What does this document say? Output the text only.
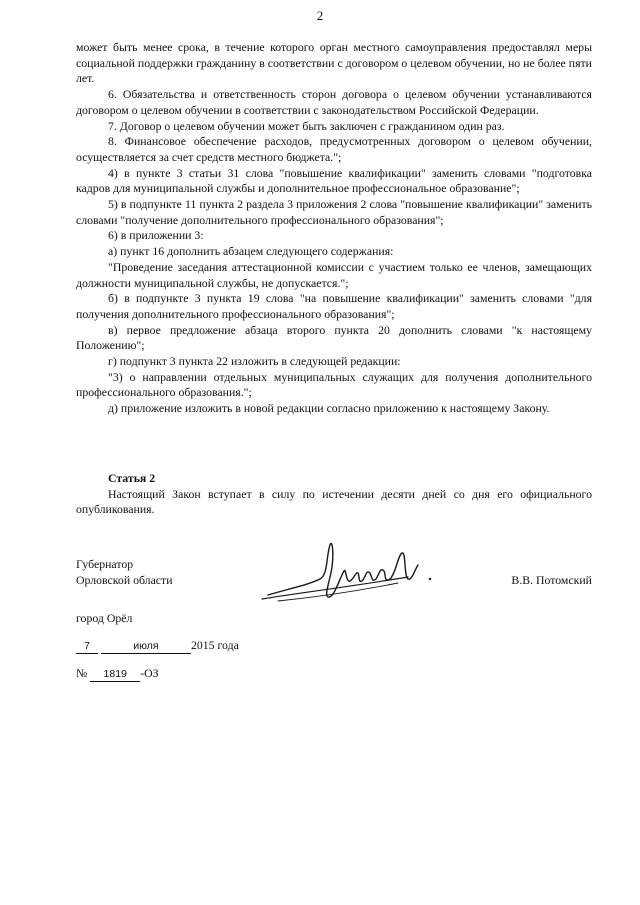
2

может быть менее срока, в течение которого орган местного самоуправления предоставлял меры социальной поддержки гражданину в соответствии с договором о целевом обучении, но не более пяти лет.

6. Обязательства и ответственность сторон договора о целевом обучении устанавливаются договором о целевом обучении в соответствии с законодательством Российской Федерации.

7. Договор о целевом обучении может быть заключен с гражданином один раз.

8. Финансовое обеспечение расходов, предусмотренных договором о целевом обучении, осуществляется за счет средств местного бюджета.";

4) в пункте 3 статьи 31 слова "повышение квалификации" заменить словами "подготовка кадров для муниципальной службы и дополнительное профессиональное образование";

5) в подпункте 11 пункта 2 раздела 3 приложения 2 слова "повышение квалификации" заменить словами "получение дополнительного профессионального образования";

6) в приложении 3:

а) пункт 16 дополнить абзацем следующего содержания:

"Проведение заседания аттестационной комиссии с участием только ее членов, замещающих должности муниципальной службы, не допускается.";

б) в подпункте 3 пункта 19 слова "на повышение квалификации" заменить словами "для получения дополнительного профессионального образования";

в) первое предложение абзаца второго пункта 20 дополнить словами "к настоящему Положению";

г) подпункт 3 пункта 22 изложить в следующей редакции:

"3) о направлении отдельных муниципальных служащих для получения дополнительного профессионального образования.";

д) приложение изложить в новой редакции согласно приложению к настоящему Закону.

Статья 2

Настоящий Закон вступает в силу по истечении десяти дней со дня его официального опубликования.

Губернатор
Орловской области	В.В. Потомский
город Орёл
7	июля	2015 года
№ 1819 -ОЗ
